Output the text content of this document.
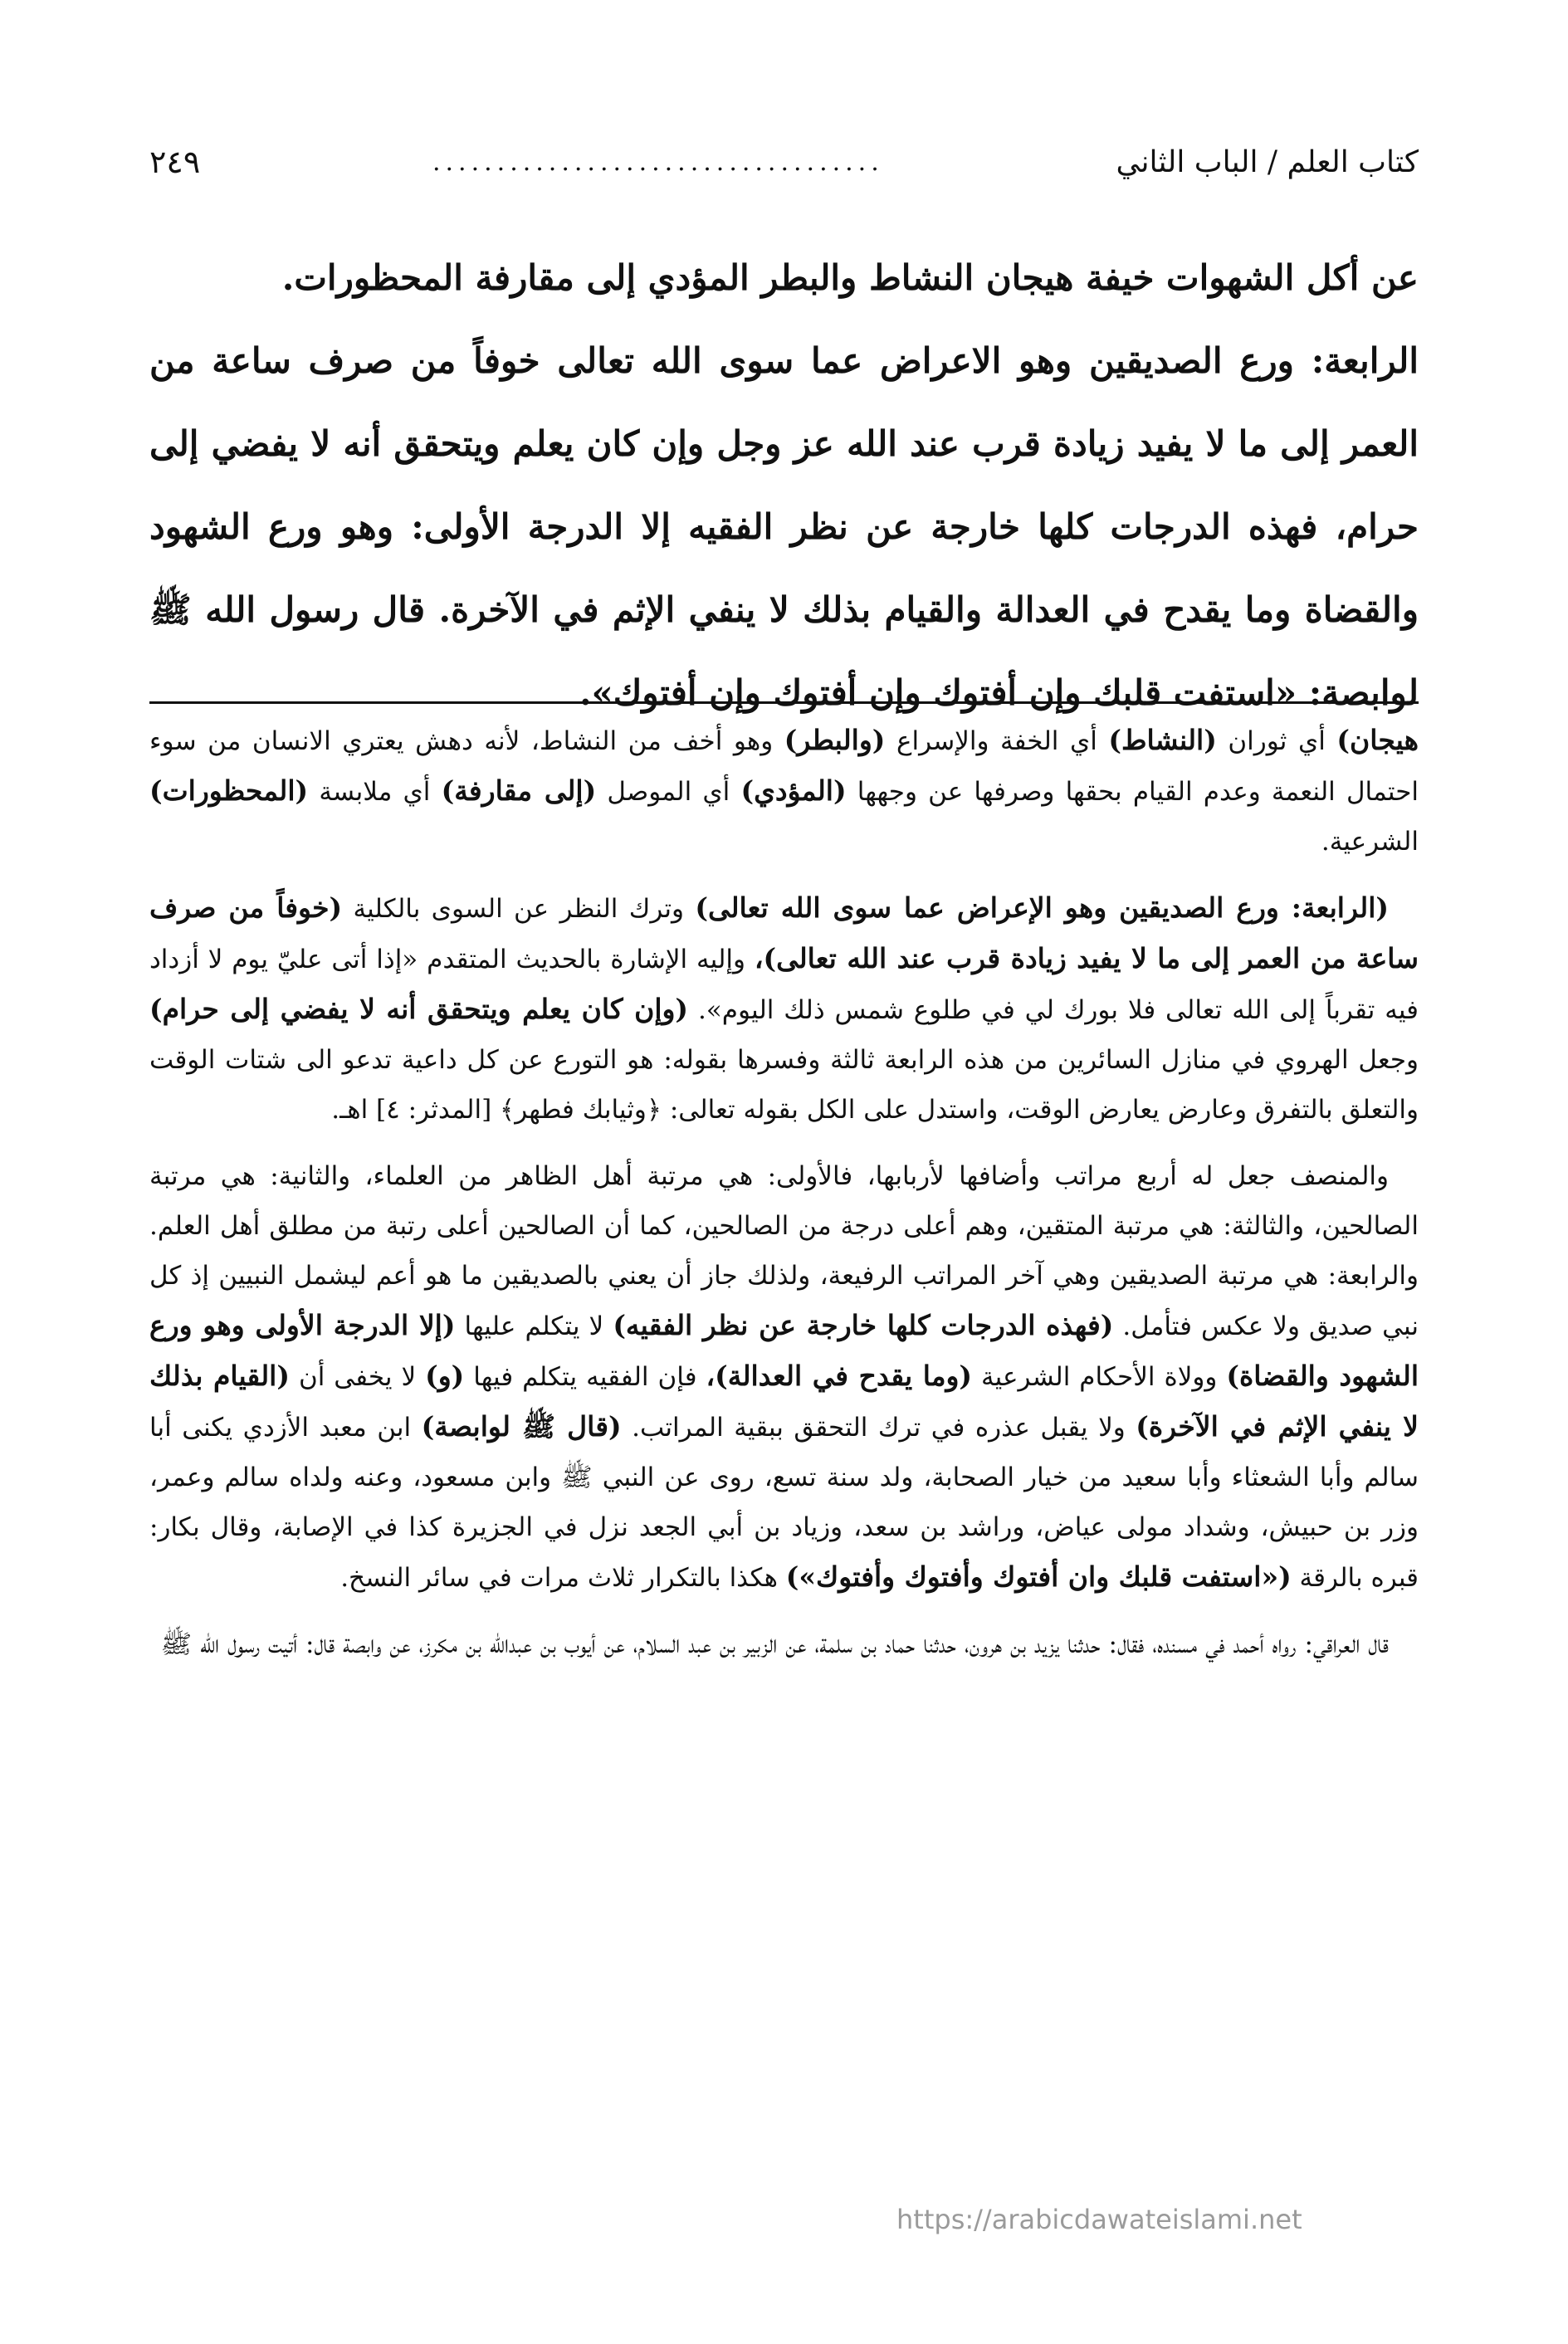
كتاب العلم / الباب الثاني
...................................
٢٤٩

عن أكل الشهوات خيفة هيجان النشاط والبطر المؤدي إلى مقارفة المحظورات.

الرابعة: ورع الصديقين وهو الاعراض عما سوى الله تعالى خوفاً من صرف ساعة من العمر إلى ما لا يفيد زيادة قرب عند الله عز وجل وإن كان يعلم ويتحقق أنه لا يفضي إلى حرام، فهذه الدرجات كلها خارجة عن نظر الفقيه إلا الدرجة الأولى: وهو ورع الشهود والقضاة وما يقدح في العدالة والقيام بذلك لا ينفي الإثم في الآخرة. قال رسول الله ﷺ لوابصة: «استفت قلبك وإن أفتوك وإن أفتوك وإن أفتوك».

هيجان) أي ثوران (النشاط) أي الخفة والإسراع (والبطر) وهو أخف من النشاط، لأنه دهش يعتري الانسان من سوء احتمال النعمة وعدم القيام بحقها وصرفها عن وجهها (المؤدي) أي الموصل (إلى مقارفة) أي ملابسة (المحظورات) الشرعية.

(الرابعة: ورع الصديقين وهو الإعراض عما سوى الله تعالى) وترك النظر عن السوى بالكلية (خوفاً من صرف ساعة من العمر إلى ما لا يفيد زيادة قرب عند الله تعالى)، وإليه الإشارة بالحديث المتقدم «إذا أتى عليّ يوم لا أزداد فيه تقرباً إلى الله تعالى فلا بورك لي في طلوع شمس ذلك اليوم». (وإن كان يعلم ويتحقق أنه لا يفضي إلى حرام) وجعل الهروي في منازل السائرين من هذه الرابعة ثالثة وفسرها بقوله: هو التورع عن كل داعية تدعو الى شتات الوقت والتعلق بالتفرق وعارض يعارض الوقت، واستدل على الكل بقوله تعالى: ﴿وثيابك فطهر﴾ [المدثر: ٤] اهـ.

والمنصف جعل له أربع مراتب وأضافها لأربابها، فالأولى: هي مرتبة أهل الظاهر من العلماء، والثانية: هي مرتبة الصالحين، والثالثة: هي مرتبة المتقين، وهم أعلى درجة من الصالحين، كما أن الصالحين أعلى رتبة من مطلق أهل العلم. والرابعة: هي مرتبة الصديقين وهي آخر المراتب الرفيعة، ولذلك جاز أن يعني بالصديقين ما هو أعم ليشمل النبيين إذ كل نبي صديق ولا عكس فتأمل. (فهذه الدرجات كلها خارجة عن نظر الفقيه) لا يتكلم عليها (إلا الدرجة الأولى وهو ورع الشهود والقضاة) وولاة الأحكام الشرعية (وما يقدح في العدالة)، فإن الفقيه يتكلم فيها (و) لا يخفى أن (القيام بذلك لا ينفي الإثم في الآخرة) ولا يقبل عذره في ترك التحقق ببقية المراتب. (قال ﷺ لوابصة) ابن معبد الأزدي يكنى أبا سالم وأبا الشعثاء وأبا سعيد من خيار الصحابة، ولد سنة تسع، روى عن النبي ﷺ وابن مسعود، وعنه ولداه سالم وعمر، وزر بن حبيش، وشداد مولى عياض، وراشد بن سعد، وزياد بن أبي الجعد نزل في الجزيرة كذا في الإصابة، وقال بكار: قبره بالرقة («استفت قلبك وان أفتوك وأفتوك وأفتوك») هكذا بالتكرار ثلاث مرات في سائر النسخ.

قال العراقي: رواه أحمد في مسنده، فقال: حدثنا يزيد بن هرون، حدثنا حماد بن سلمة، عن الزبير بن عبد السلام، عن أيوب بن عبدالله بن مكرز، عن وابصة قال: أتيت رسول الله ﷺ

https://arabicdawateislami.net
